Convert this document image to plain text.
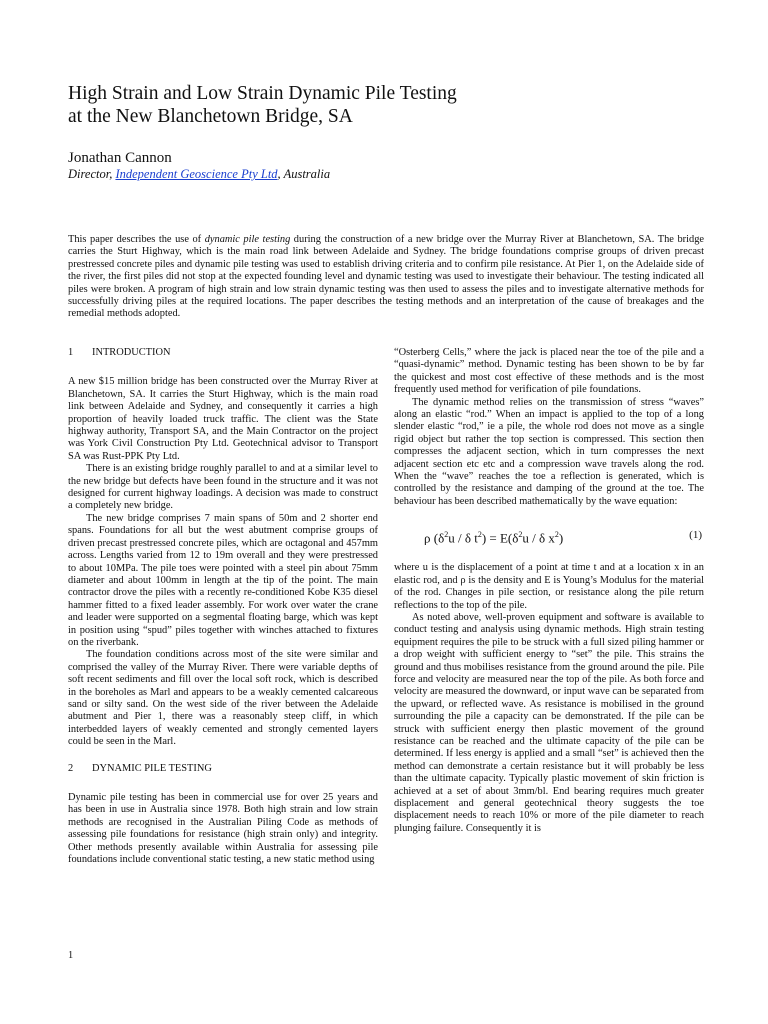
High Strain and Low Strain Dynamic Pile Testing
at the New Blanchetown Bridge, SA

Jonathan Cannon

Director, Independent Geoscience Pty Ltd, Australia

This paper describes the use of dynamic pile testing during the construction of a new bridge over the Murray River at Blanchetown, SA. The bridge carries the Sturt Highway, which is the main road link between Adelaide and Sydney. The bridge foundations comprise groups of driven precast prestressed concrete piles and dynamic pile testing was used to establish driving criteria and to confirm pile resistance. At Pier 1, on the Adelaide side of the river, the first piles did not stop at the expected founding level and dynamic testing was used to investigate their behaviour. The testing indicated all piles were broken. A program of high strain and low strain dynamic testing was then used to assess the piles and to investigate alternative methods for successfully driving piles at the required locations. The paper describes the testing methods and an interpretation of the cause of breakages and the remedial methods adopted.

1 INTRODUCTION

A new $15 million bridge has been constructed over the Murray River at Blanchetown, SA. It carries the Sturt Highway, which is the main road link between Adelaide and Sydney, and consequently it carries a high proportion of heavily loaded truck traffic. The client was the State highway authority, Transport SA, and the Main Contractor on the project was York Civil Construction Pty Ltd. Geotechnical advisor to Transport SA was Rust-PPK Pty Ltd.

There is an existing bridge roughly parallel to and at a similar level to the new bridge but defects have been found in the structure and it was not designed for current highway loadings. A decision was made to construct a completely new bridge.

The new bridge comprises 7 main spans of 50m and 2 shorter end spans. Foundations for all but the west abutment comprise groups of driven precast prestressed concrete piles, which are octagonal and 457mm across. Lengths varied from 12 to 19m overall and they were prestressed to about 10MPa. The pile toes were pointed with a steel pin about 75mm diameter and about 100mm in length at the tip of the point. The main contractor drove the piles with a recently re-conditioned Kobe K35 diesel hammer fitted to a fixed leader assembly. For work over water the crane and leader were supported on a segmental floating barge, which was kept in position using “spud” piles together with winches attached to fixtures on the riverbank.

The foundation conditions across most of the site were similar and comprised the valley of the Murray River. There were variable depths of soft recent sediments and fill over the local soft rock, which is described in the boreholes as Marl and appears to be a weakly cemented calcareous sand or silty sand. On the west side of the river between the Adelaide abutment and Pier 1, there was a reasonably steep cliff, in which interbedded layers of weakly cemented and strongly cemented layers could be seen in the Marl.

2 DYNAMIC PILE TESTING

Dynamic pile testing has been in commercial use for over 25 years and has been in use in Australia since 1978. Both high strain and low strain methods are recognised in the Australian Piling Code as methods of assessing pile foundations for resistance (high strain only) and integrity. Other methods presently available within Australia for assessing pile foundations include conventional static testing, a new static method using

“Osterberg Cells,” where the jack is placed near the toe of the pile and a “quasi-dynamic” method. Dynamic testing has been shown to be by far the quickest and most cost effective of these methods and is the most frequently used method for verification of pile foundations.

The dynamic method relies on the transmission of stress “waves” along an elastic “rod.” When an impact is applied to the top of a long slender elastic “rod,” ie a pile, the whole rod does not move as a single rigid object but rather the top section is compressed. This section then compresses the adjacent section, which in turn compresses the next adjacent section etc etc and a compression wave travels along the rod. When the “wave” reaches the toe a reflection is generated, which is controlled by the resistance and damping of the ground at the toe. The behaviour has been described mathematically by the wave equation:

ρ ($\delta^2u$ / δ $t^2) = E(\delta^2u / \delta$ $x^2$)	(1)

where u is the displacement of a point at time t and at a location x in an elastic rod, and ρ is the density and E is Young’s Modulus for the material of the rod. Changes in pile section, or resistance along the pile return reflections to the top of the pile.

As noted above, well-proven equipment and software is available to conduct testing and analysis using dynamic methods. High strain testing equipment requires the pile to be struck with a full sized piling hammer or a drop weight with sufficient energy to “set” the pile. This strains the ground and thus mobilises resistance from the ground around the pile. Pile force and velocity are measured near the top of the pile. As both force and velocity are measured the downward, or input wave can be separated from the upward, or reflected wave. As resistance is mobilised in the ground surrounding the pile a capacity can be demonstrated. If the pile can be struck with sufficient energy then plastic movement of the ground resistance can be reached and the ultimate capacity of the pile can be determined. If less energy is applied and a small “set” is achieved then the method can demonstrate a certain resistance but it will probably be less than the ultimate capacity. Typically plastic movement of skin friction is achieved at a set of about 3mm/bl. End bearing requires much greater displacement and general geotechnical theory suggests the toe displacement needs to reach 10% or more of the pile diameter to reach plunging failure. Consequently it is

1
